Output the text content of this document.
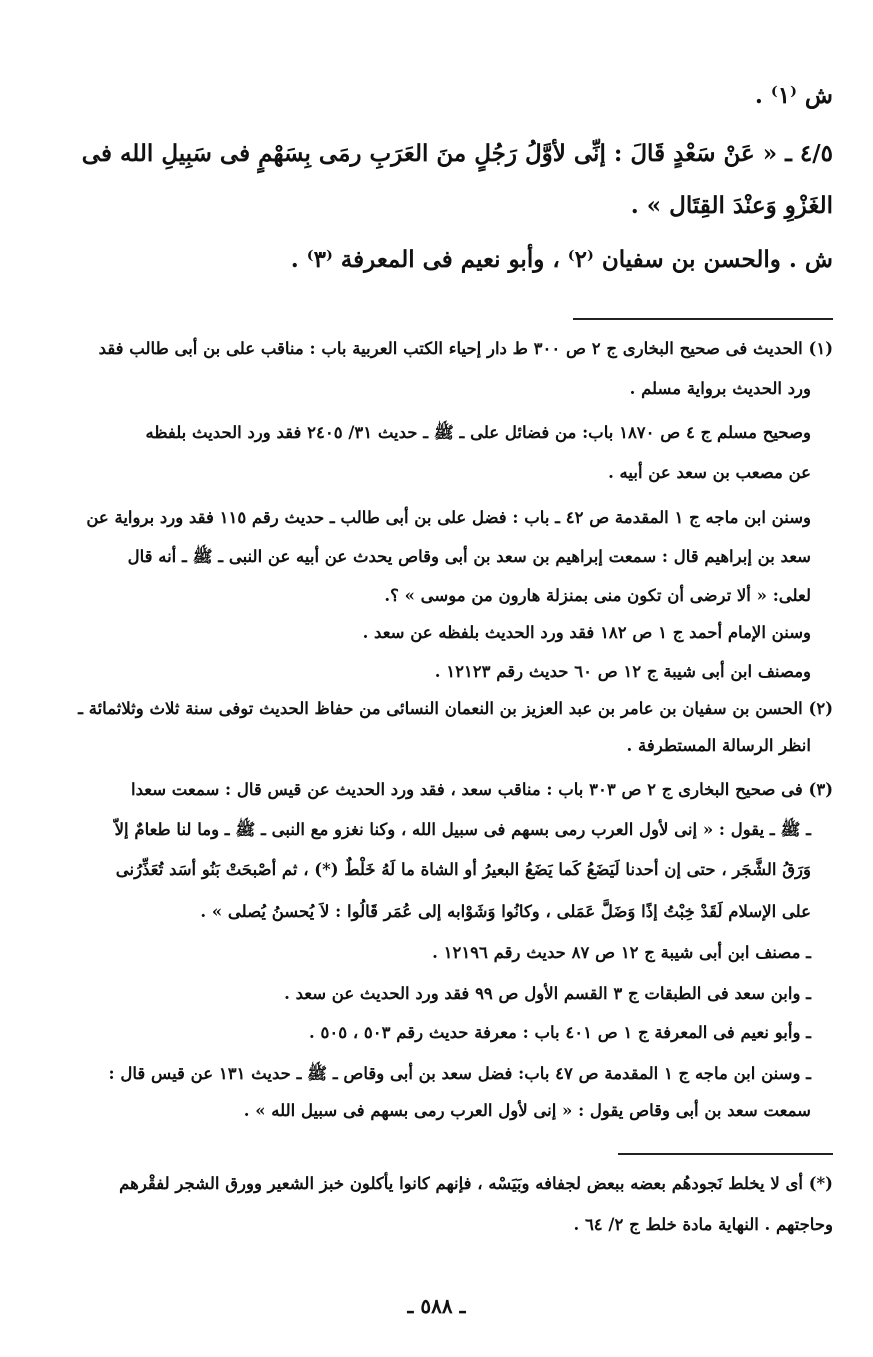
ش ⁽١⁾ .
٤/٥ ـ « عَنْ سَعْدٍ قَالَ : إنِّى لأوَّلُ رَجُلٍ منَ العَرَبِ رمَى بِسَهْمٍ فى سَبِيلِ الله فى
الغَزْوِ وَعنْدَ القِتَال » .
ش . والحسن بن سفيان ⁽٢⁾ ، وأبو نعيم فى المعرفة ⁽٣⁾ .
(١) الحديث فى صحيح البخارى ج ٢ ص ٣٠٠ ط دار إحياء الكتب العربية باب : مناقب على بن أبى طالب فقد
ورد الحديث برواية مسلم .
وصحيح مسلم ج ٤ ص ١٨٧٠ باب: من فضائل على ـ ﷺ ـ حديث ٣١/ ٢٤٠٥ فقد ورد الحديث بلفظه
عن مصعب بن سعد عن أبيه .
وسنن ابن ماجه ج ١ المقدمة ص ٤٢ ـ باب : فضل على بن أبى طالب ـ حديث رقم ١١٥ فقد ورد برواية عن
سعد بن إبراهيم قال : سمعت إبراهيم بن سعد بن أبى وقاص يحدث عن أبيه عن النبى ـ ﷺ ـ أنه قال
لعلى: « ألا ترضى أن تكون منى بمنزلة هارون من موسى » ؟.
وسنن الإمام أحمد ج ١ ص ١٨٢ فقد ورد الحديث بلفظه عن سعد .
ومصنف ابن أبى شيبة ج ١٢ ص ٦٠ حديث رقم ١٢١٢٣ .
(٢) الحسن بن سفيان بن عامر بن عبد العزيز بن النعمان النسائى من حفاظ الحديث توفى سنة ثلاث وثلاثمائة ـ
انظر الرسالة المستطرفة .
(٣) فى صحيح البخارى ج ٢ ص ٣٠٣ باب : مناقب سعد ، فقد ورد الحديث عن قيس قال : سمعت سعدا
ـ ﷺ ـ يقول : « إنى لأول العرب رمى بسهم فى سبيل الله ، وكنا نغزو مع النبى ـ ﷺ ـ وما لنا طعامٌ إلاّ
وَرَقُ الشَّجَر ، حتى إن أحدنا لَيَضَعُ كَما يَضَعُ البعيرُ أو الشاة ما لَهُ خَلْطٌ (*) ، ثم أصْبحَتْ بَنُو أسَد تُعَذِّرُنى
على الإسلام لَقَدْ خِبْتُ إذًا وَضَلَّ عَمَلى ، وكانُوا وَشَوْابه إلى عُمَر قَالُوا : لاَ يُحسنُ يُصلى » .
ـ مصنف ابن أبى شيبة ج ١٢ ص ٨٧ حديث رقم ١٢١٩٦ .
ـ وابن سعد فى الطبقات ج ٣ القسم الأول ص ٩٩ فقد ورد الحديث عن سعد .
ـ وأبو نعيم فى المعرفة ج ١ ص ٤٠١ باب : معرفة حديث رقم ٥٠٣ ، ٥٠٥ .
ـ وسنن ابن ماجه ج ١ المقدمة ص ٤٧ باب: فضل سعد بن أبى وقاص ـ ﷺ ـ حديث ١٣١ عن قيس قال :
سمعت سعد بن أبى وقاص يقول : « إنى لأول العرب رمى بسهم فى سبيل الله » .
(*) أى لا يخلط نَجودهُم بعضه ببعض لجفافه وبَيَسْه ، فإنهم كانوا يأكلون خبز الشعير وورق الشجر لفقْرهم
وحاجتهم . النهاية مادة خلط ج ٢/ ٦٤ .
ـ ٥٨٨ ـ
